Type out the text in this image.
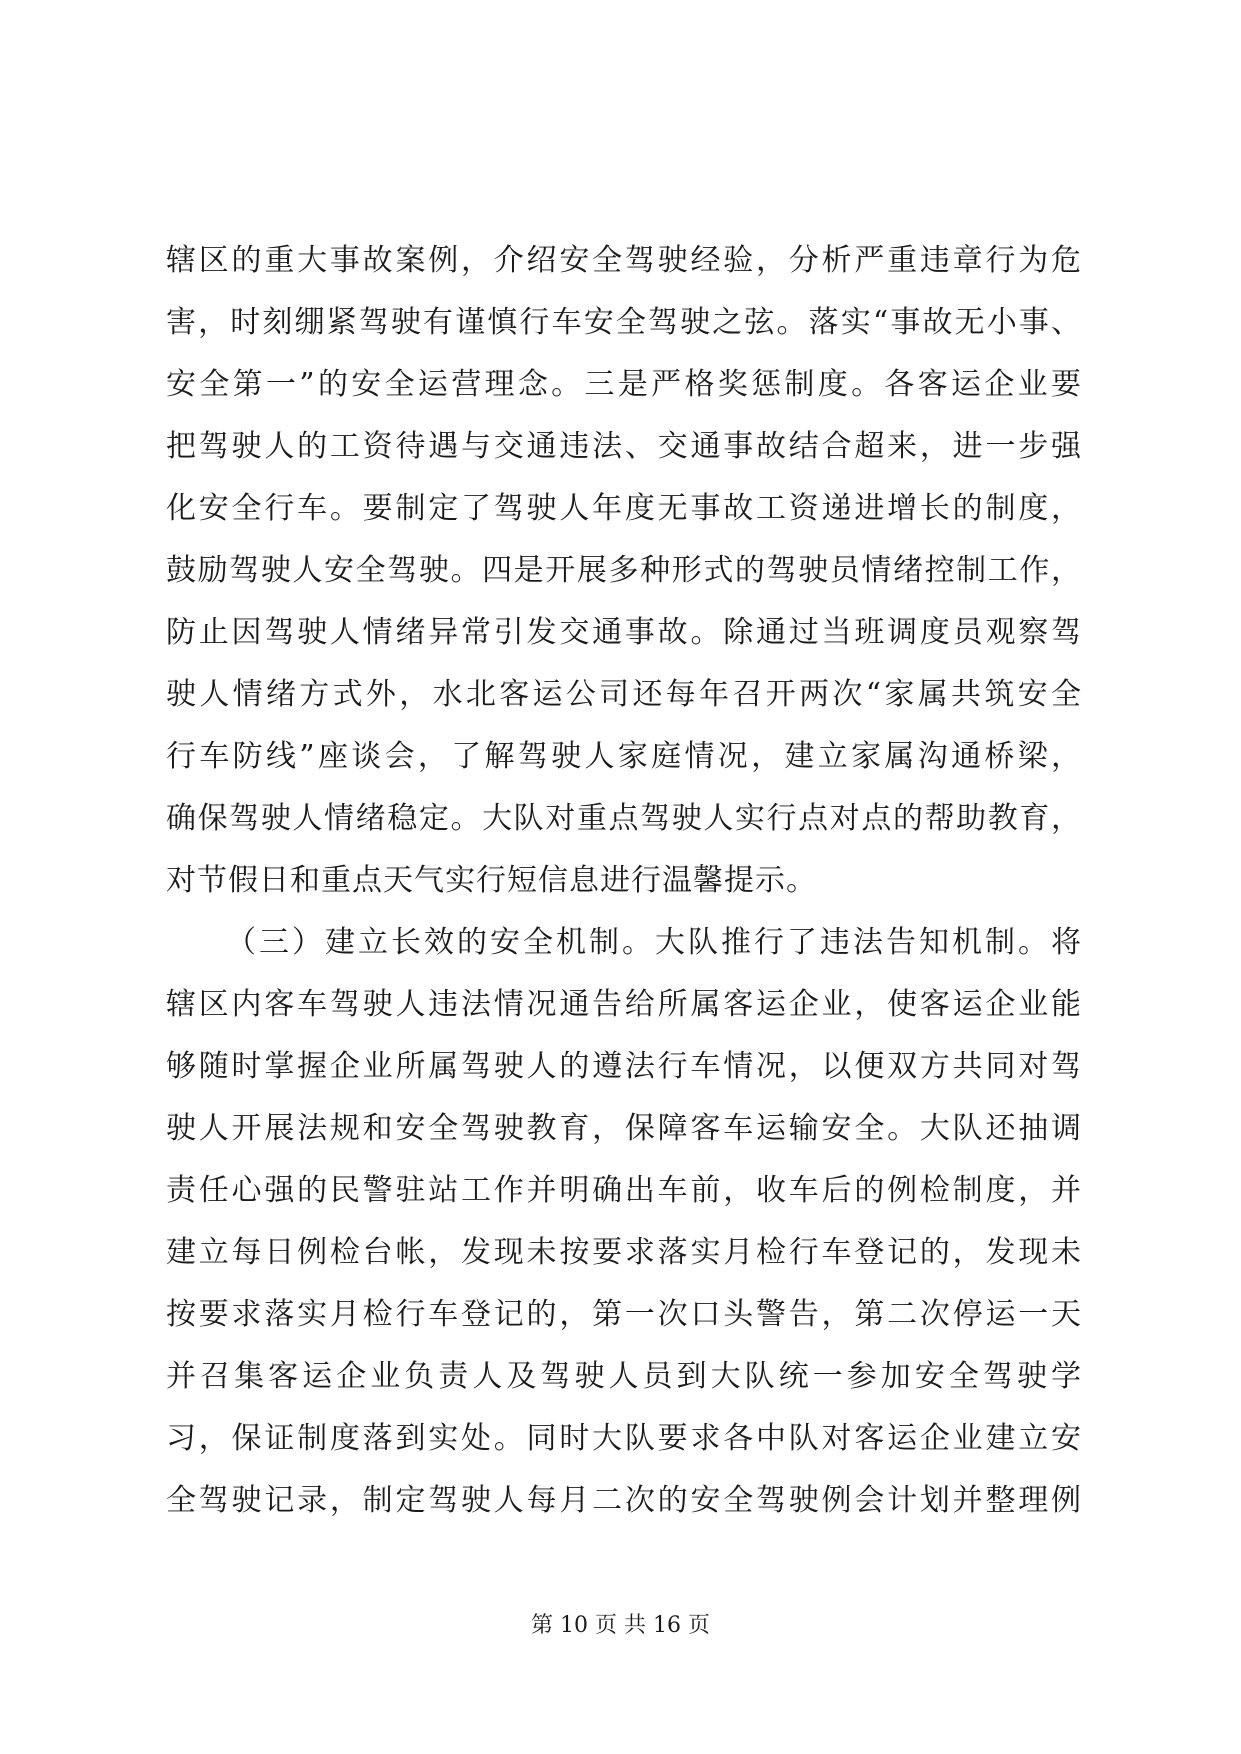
辖区的重大事故案例，介绍安全驾驶经验，分析严重违章行为危
害，时刻绷紧驾驶有谨慎行车安全驾驶之弦。落实“事故无小事、
安全第一”的安全运营理念。三是严格奖惩制度。各客运企业要
把驾驶人的工资待遇与交通违法、交通事故结合超来，进一步强
化安全行车。要制定了驾驶人年度无事故工资递进增长的制度，
鼓励驾驶人安全驾驶。四是开展多种形式的驾驶员情绪控制工作，
防止因驾驶人情绪异常引发交通事故。除通过当班调度员观察驾
驶人情绪方式外，水北客运公司还每年召开两次“家属共筑安全
行车防线”座谈会，了解驾驶人家庭情况，建立家属沟通桥梁，
确保驾驶人情绪稳定。大队对重点驾驶人实行点对点的帮助教育，
对节假日和重点天气实行短信息进行温馨提示。
（三）建立长效的安全机制。大队推行了违法告知机制。将
辖区内客车驾驶人违法情况通告给所属客运企业，使客运企业能
够随时掌握企业所属驾驶人的遵法行车情况，以便双方共同对驾
驶人开展法规和安全驾驶教育，保障客车运输安全。大队还抽调
责任心强的民警驻站工作并明确出车前，收车后的例检制度，并
建立每日例检台帐，发现未按要求落实月检行车登记的，发现未
按要求落实月检行车登记的，第一次口头警告，第二次停运一天
并召集客运企业负责人及驾驶人员到大队统一参加安全驾驶学
习，保证制度落到实处。同时大队要求各中队对客运企业建立安
全驾驶记录，制定驾驶人每月二次的安全驾驶例会计划并整理例
第 10 页 共 16 页
